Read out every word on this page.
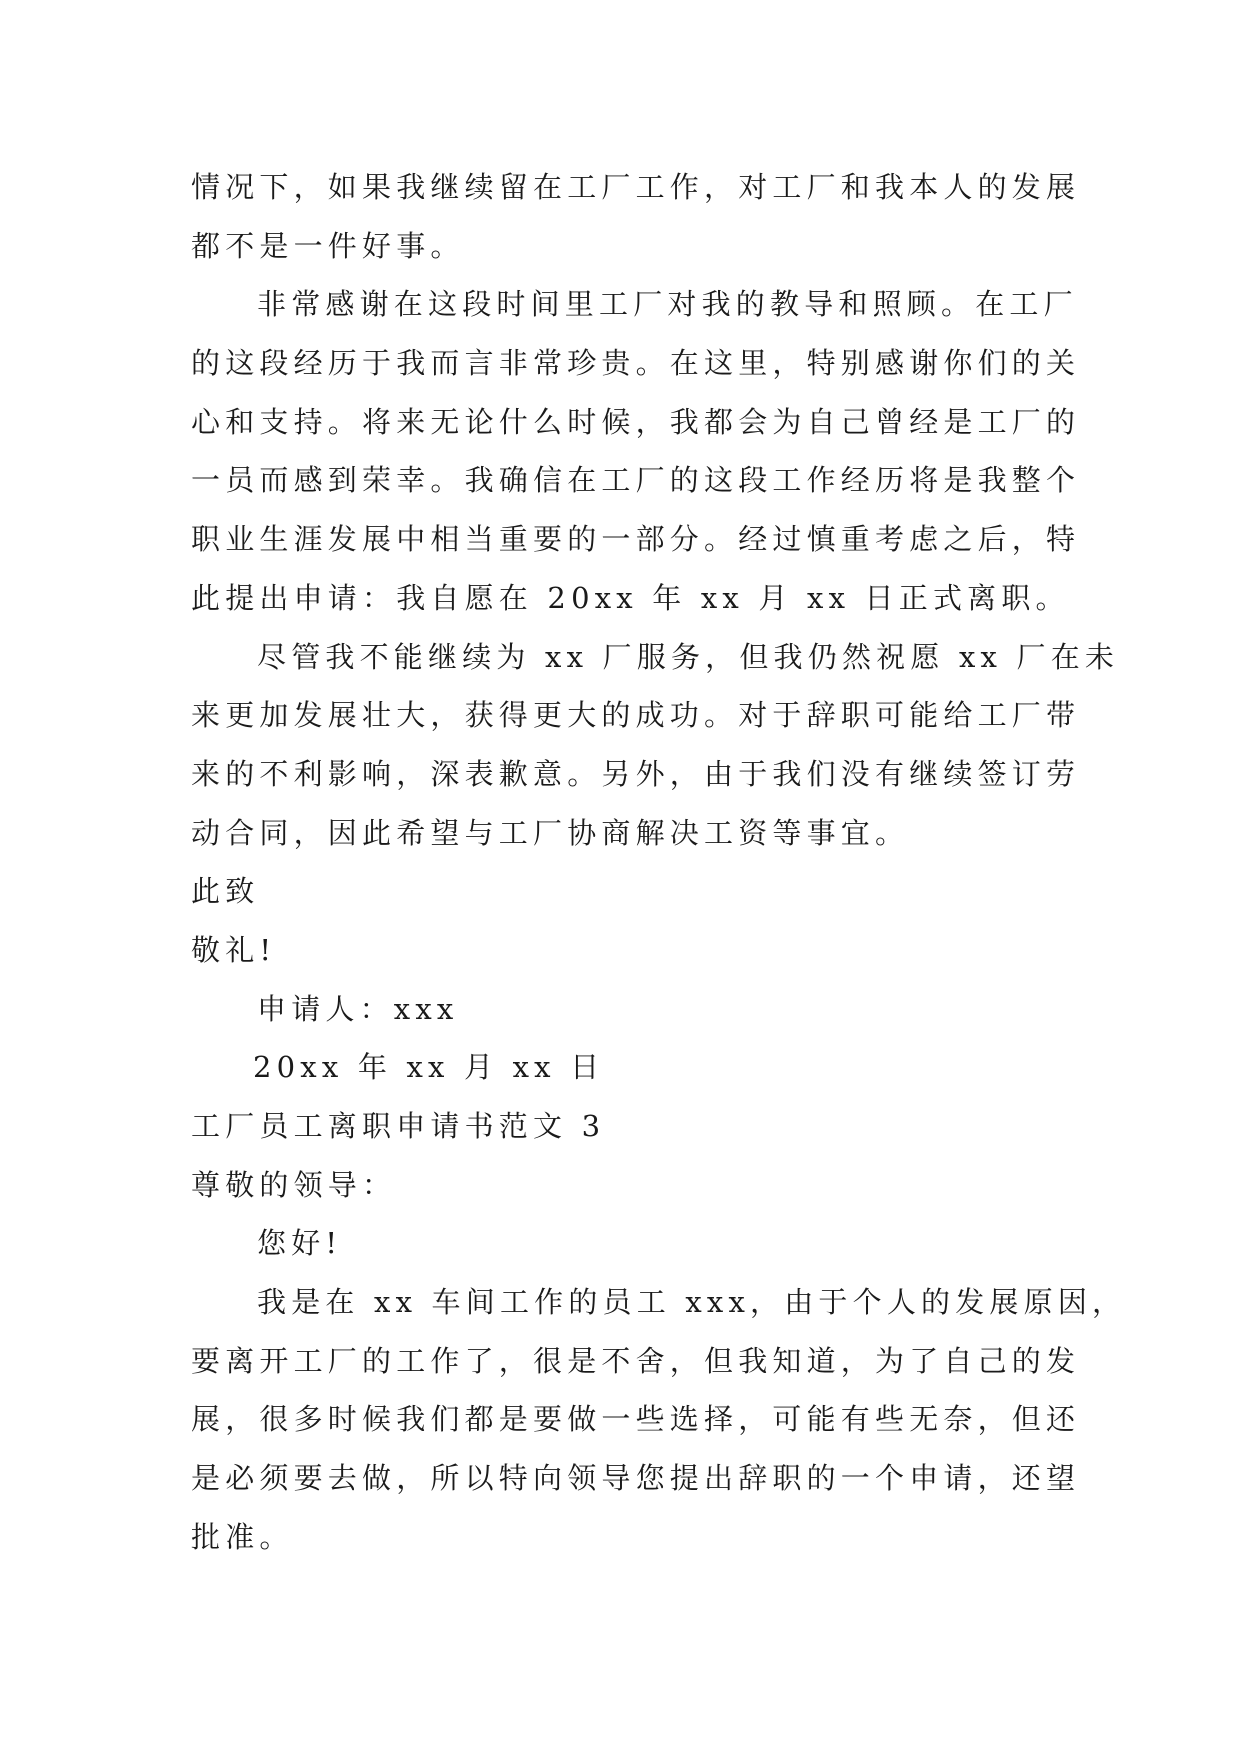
情况下，如果我继续留在工厂工作，对工厂和我本人的发展
都不是一件好事。
非常感谢在这段时间里工厂对我的教导和照顾。在工厂
的这段经历于我而言非常珍贵。在这里，特别感谢你们的关
心和支持。将来无论什么时候，我都会为自己曾经是工厂的
一员而感到荣幸。我确信在工厂的这段工作经历将是我整个
职业生涯发展中相当重要的一部分。经过慎重考虑之后，特
此提出申请：我自愿在 20xx 年 xx 月 xx 日正式离职。
尽管我不能继续为 xx 厂服务，但我仍然祝愿 xx 厂在未
来更加发展壮大，获得更大的成功。对于辞职可能给工厂带
来的不利影响，深表歉意。另外，由于我们没有继续签订劳
动合同，因此希望与工厂协商解决工资等事宜。
此致
敬礼!
申请人：xxx
20xx 年 xx 月 xx 日
工厂员工离职申请书范文 3
尊敬的领导：
您好!
我是在 xx 车间工作的员工 xxx，由于个人的发展原因，
要离开工厂的工作了，很是不舍，但我知道，为了自己的发
展，很多时候我们都是要做一些选择，可能有些无奈，但还
是必须要去做，所以特向领导您提出辞职的一个申请，还望
批准。
